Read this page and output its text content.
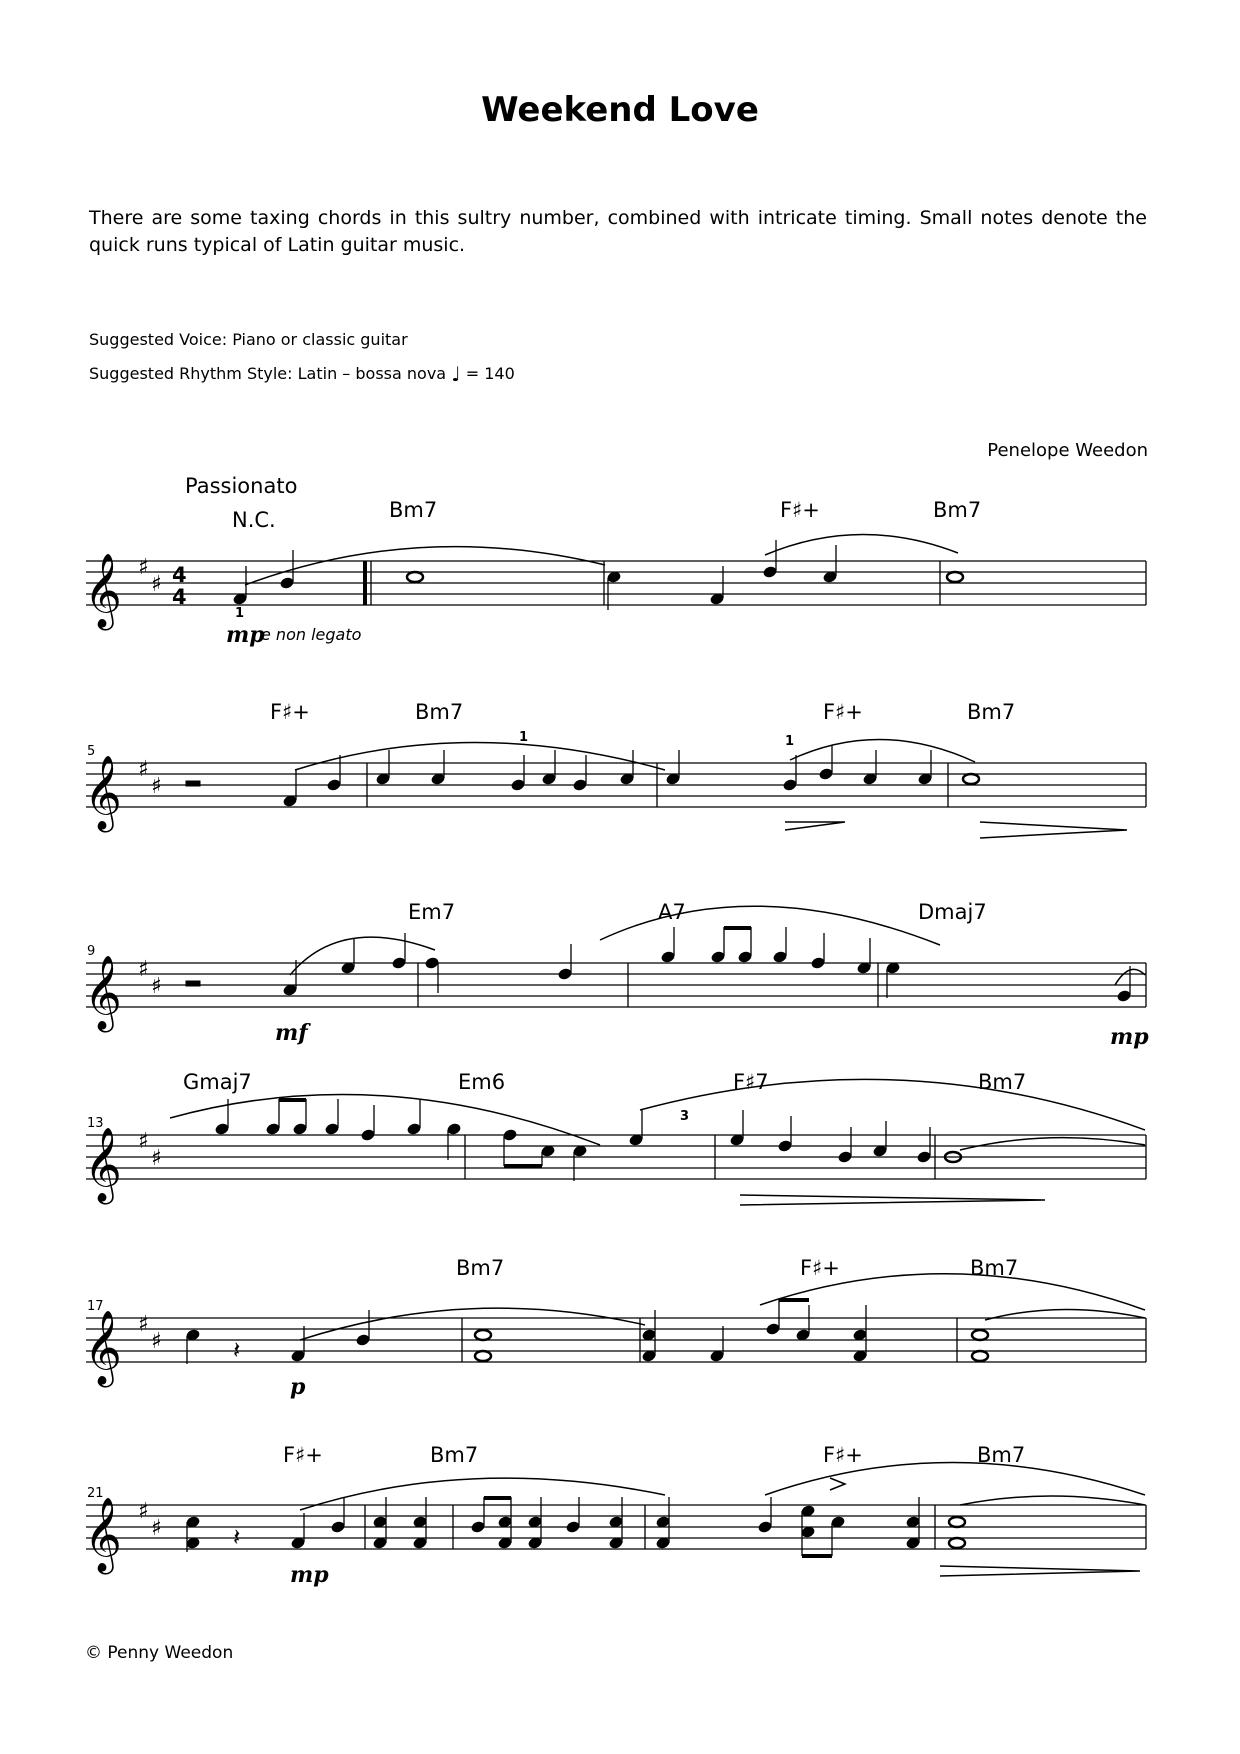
Weekend Love

There are some taxing chords in this sultry number, combined with intricate timing. Small notes denote the quick runs typical of Latin guitar music.

Suggested Voice: Piano or classic guitar

Suggested Rhythm Style: Latin – bossa nova ♩ = 140

Penelope Weedon
© Penny Weedon
Passionato
N.C.	Bm7	F♯+	Bm7
𝄞 ♯
♯ 4
4
1
mp
e non legato
F♯+	Bm7	F♯+	Bm7
5
𝄞 ♯
♯
1	1
Em7	A7	Dmaj7
9
𝄞 ♯
♯
mf	mp
Gmaj7	Em6	F♯7	Bm7
13
𝄞 ♯
♯
3
Bm7	F♯+	Bm7
17
𝄞 ♯
♯	𝄽
p
F♯+	Bm7	F♯+	Bm7
21
𝄞 ♯
♯	𝄽
mp
